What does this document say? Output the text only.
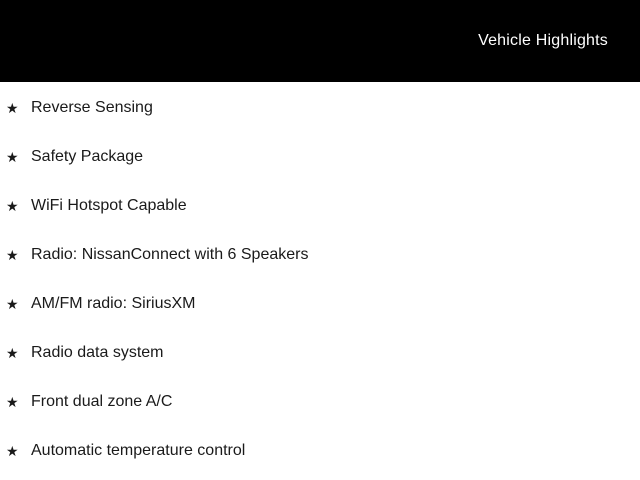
Vehicle Highlights
★ Reverse Sensing
★ Safety Package
★ WiFi Hotspot Capable
★ Radio: NissanConnect with 6 Speakers
★ AM/FM radio: SiriusXM
★ Radio data system
★ Front dual zone A/C
★ Automatic temperature control
